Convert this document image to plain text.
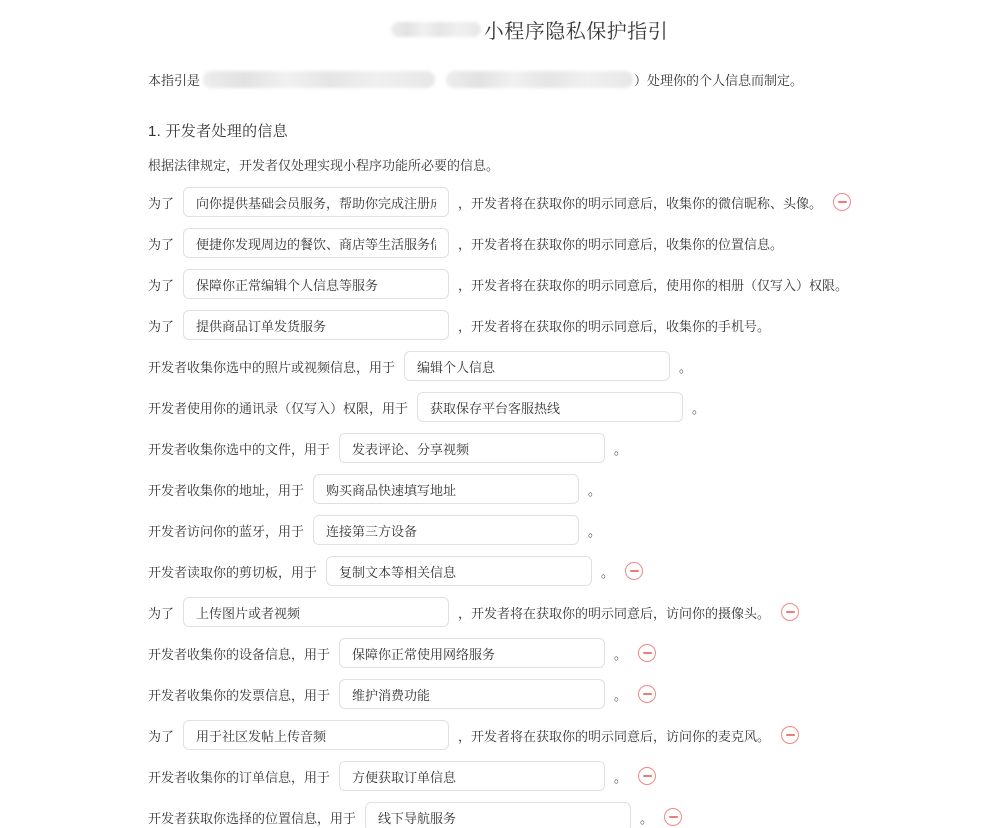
小程序隐私保护指引
本指引是	）处理你的个人信息而制定。
1. 开发者处理的信息
根据法律规定，开发者仅处理实现小程序功能所必要的信息。
为了
向你提供基础会员服务，帮助你完成注册成	，开发者将在获取你的明示同意后，收集你的微信昵称、头像。
为了
便捷你发现周边的餐饮、商店等生活服务信	，开发者将在获取你的明示同意后，收集你的位置信息。
为了
保障你正常编辑个人信息等服务	，开发者将在获取你的明示同意后，使用你的相册（仅写入）权限。
为了
提供商品订单发货服务	，开发者将在获取你的明示同意后，收集你的手机号。
开发者收集你选中的照片或视频信息，用于
编辑个人信息	。
开发者使用你的通讯录（仅写入）权限，用于
获取保存平台客服热线	。
开发者收集你选中的文件，用于
发表评论、分享视频	。
开发者收集你的地址，用于
购买商品快速填写地址	。
开发者访问你的蓝牙，用于
连接第三方设备	。
开发者读取你的剪切板，用于
复制文本等相关信息	。
为了
上传图片或者视频	，开发者将在获取你的明示同意后，访问你的摄像头。
开发者收集你的设备信息，用于
保障你正常使用网络服务	。
开发者收集你的发票信息，用于
维护消费功能	。
为了
用于社区发帖上传音频	，开发者将在获取你的明示同意后，访问你的麦克风。
开发者收集你的订单信息，用于
方便获取订单信息	。
开发者获取你选择的位置信息，用于
线下导航服务	。
